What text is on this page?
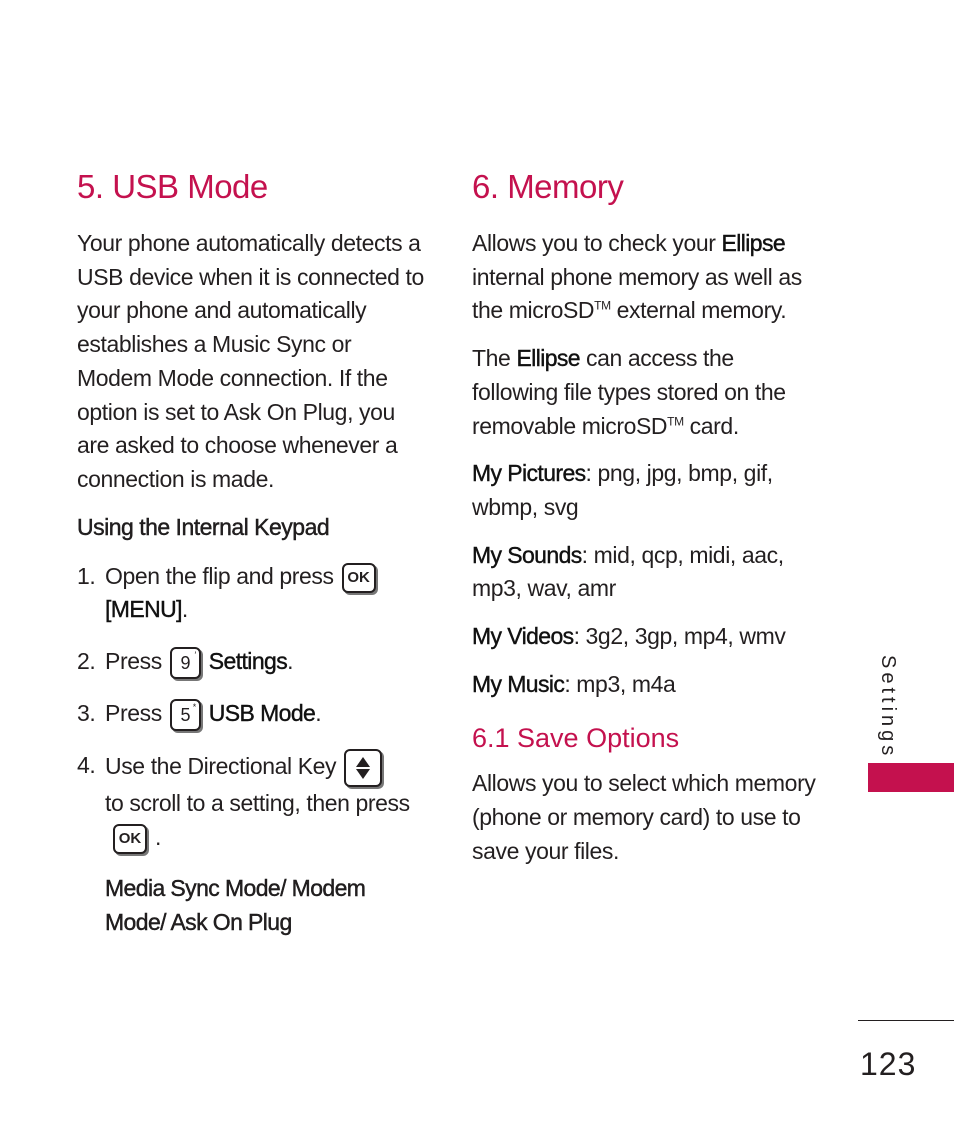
5. USB Mode

Your phone automatically detects a USB device when it is connected to your phone and automatically establishes a Music Sync or Modem Mode connection. If the option is set to Ask On Plug, you are asked to choose whenever a connection is made.

Using the Internal Keypad
1. Open the flip and press OK
[MENU].
2. Press 9 ′ Settings.
3. Press 5 * USB Mode.
4. Use the Directional Key

to scroll to a setting, then pressOK .
Media Sync Mode/ Modem Mode/ Ask On Plug
6. Memory

Allows you to check your Ellipse internal phone memory as well as the microSD™ external memory.

The Ellipse can access the following file types stored on the removable microSD™ card.

My Pictures: png, jpg, bmp, gif, wbmp, svg

My Sounds: mid, qcp, midi, aac, mp3, wav, amr

My Videos: 3g2, 3gp, mp4, wmv

My Music: mp3, m4a

6.1 Save Options

Allows you to select which memory (phone or memory card) to use to save your files.

Settings
123
